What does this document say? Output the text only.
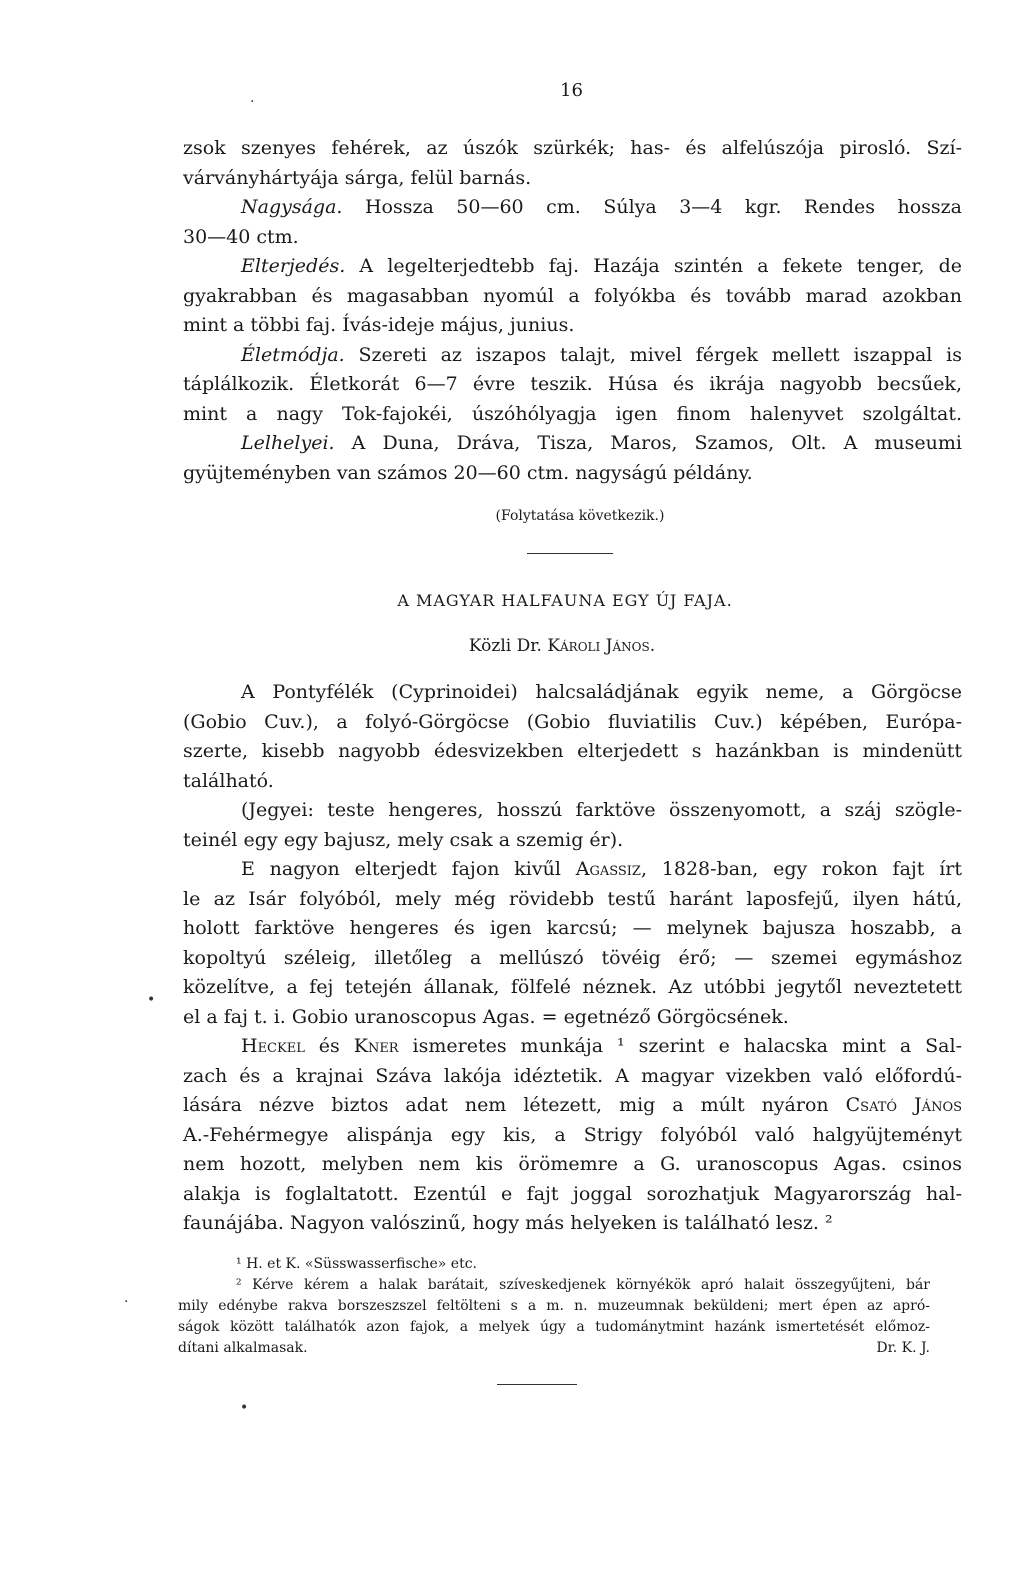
16
zsok szenyes fehérek, az úszók szürkék; has- és alfelúszója pirosló. Szí-
várványhártyája sárga, felül barnás.
Nagysága. Hossza 50—60 cm. Súlya 3—4 kgr. Rendes hossza
30—40 ctm.
Elterjedés. A legelterjedtebb faj. Hazája szintén a fekete tenger, de
gyakrabban és magasabban nyomúl a folyókba és tovább marad azokban
mint a többi faj. Ívás-ideje május, junius.
Életmódja. Szereti az iszapos talajt, mivel férgek mellett iszappal is
táplálkozik. Életkorát 6—7 évre teszik. Húsa és ikrája nagyobb becsűek,
mint a nagy Tok-fajokéi, úszóhólyagja igen finom halenyvet szolgáltat.
Lelhelyei. A Duna, Dráva, Tisza, Maros, Szamos, Olt. A museumi
gyüjteményben van számos 20—60 ctm. nagyságú példány.
(Folytatása következik.)
A MAGYAR HALFAUNA EGY ÚJ FAJA.
Közli Dr. Károli János.
A Pontyfélék (Cyprinoidei) halcsaládjának egyik neme, a Görgöcse
(Gobio Cuv.), a folyó-Görgöcse (Gobio fluviatilis Cuv.) képében, Európa-
szerte, kisebb nagyobb édesvizekben elterjedett s hazánkban is mindenütt
található.
(Jegyei: teste hengeres, hosszú farktöve összenyomott, a száj szögle-
teinél egy egy bajusz, mely csak a szemig ér).
E nagyon elterjedt fajon kivűl Agassiz, 1828-ban, egy rokon fajt írt
le az Isár folyóból, mely még rövidebb testű haránt laposfejű, ilyen hátú,
holott farktöve hengeres és igen karcsú; — melynek bajusza hoszabb, a
kopoltyú széleig, illetőleg a mellúszó tövéig érő; — szemei egymáshoz
közelítve, a fej tetején állanak, fölfelé néznek. Az utóbbi jegytől neveztetett
el a faj t. i. Gobio uranoscopus Agas. = egetnéző Görgöcsének.
Heckel és Kner ismeretes munkája ¹ szerint e halacska mint a Sal-
zach és a krajnai Száva lakója idéztetik. A magyar vizekben való előfordú-
lására nézve biztos adat nem létezett, mig a múlt nyáron Csató János
A.-Fehérmegye alispánja egy kis, a Strigy folyóból való halgyüjteményt
nem hozott, melyben nem kis örömemre a G. uranoscopus Agas. csinos
alakja is foglaltatott. Ezentúl e fajt joggal sorozhatjuk Magyarország hal-
faunájába. Nagyon valószinű, hogy más helyeken is található lesz. ²
¹ H. et K. «Süsswasserfische» etc.
² Kérve kérem a halak barátait, szíveskedjenek környékök apró halait összegyűjteni, bár
mily edénybe rakva borszeszszel feltölteni s a m. n. muzeumnak beküldeni; mert épen az apró-
ságok között találhatók azon fajok, a melyek úgy a tudománytmint hazánk ismertetését előmoz-
dítani alkalmasak.	Dr. K. J.
.
•
.
•
